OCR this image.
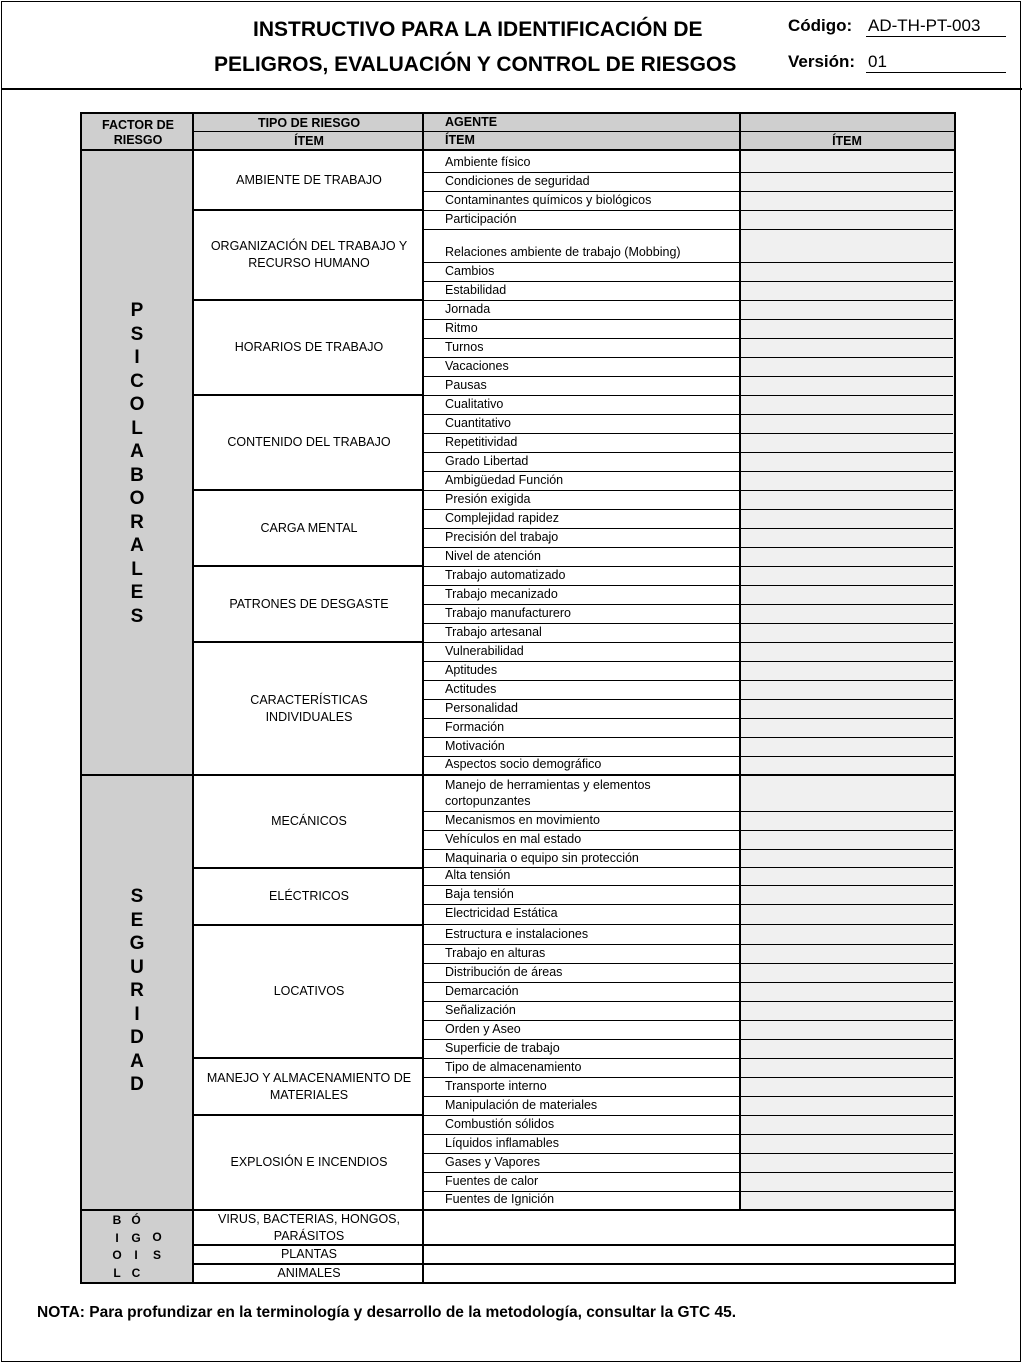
INSTRUCTIVO PARA LA IDENTIFICACIÓN DE
PELIGROS, EVALUACIÓN Y CONTROL DE RIESGOS
Código: AD-TH-PT-003
Versión: 01
FACTOR DE RIESGO
TIPO DE RIESGO
ÍTEM
AGENTE
ÍTEM	ÍTEM
P S I C O L A B O R A L E S
S E G U R I D A D
B I O L
Ó G I C
O S
AMBIENTE DE TRABAJO
ORGANIZACIÓN DEL TRABAJO Y RECURSO HUMANO
HORARIOS DE TRABAJO
CONTENIDO DEL TRABAJO
CARGA MENTAL
PATRONES DE DESGASTE
CARACTERÍSTICAS INDIVIDUALES
MECÁNICOS
ELÉCTRICOS
LOCATIVOS
MANEJO Y ALMACENAMIENTO DE MATERIALES
EXPLOSIÓN E INCENDIOS
VIRUS, BACTERIAS, HONGOS, PARÁSITOS
PLANTAS
ANIMALES
Ambiente físico
Condiciones de seguridad
Contaminantes químicos y biológicos
Participación
Relaciones ambiente de trabajo (Mobbing)
Cambios
Estabilidad
Jornada
Ritmo
Turnos
Vacaciones
Pausas
Cualitativo
Cuantitativo
Repetitividad
Grado Libertad
Ambigüedad Función
Presión exigida
Complejidad rapidez
Precisión del trabajo
Nivel de atención
Trabajo automatizado
Trabajo mecanizado
Trabajo manufacturero
Trabajo artesanal
Vulnerabilidad
Aptitudes
Actitudes
Personalidad
Formación
Motivación
Aspectos socio demográfico
Manejo de herramientas y elementos cortopunzantes
Mecanismos en movimiento
Vehículos en mal estado
Maquinaria o equipo sin protección
Alta tensión
Baja tensión
Electricidad Estática
Estructura e instalaciones
Trabajo en alturas
Distribución de áreas
Demarcación
Señalización
Orden y Aseo
Superficie de trabajo
Tipo de almacenamiento
Transporte interno
Manipulación de materiales
Combustión sólidos
Líquidos inflamables
Gases y Vapores
Fuentes de calor
Fuentes de Ignición
NOTA: Para profundizar en la terminología y desarrollo de la metodología, consultar la GTC 45.
